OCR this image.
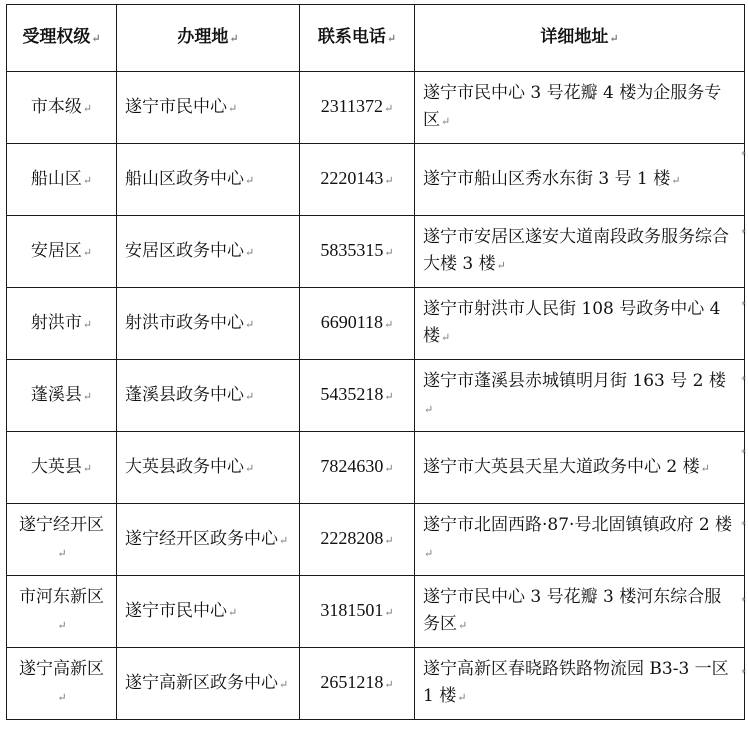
受理权级↵	办理地↵	联系电话↵	详细地址↵
市本级↵	遂宁市民中心↵	2311372↵	遂宁市民中心 3 号花瓣 4 楼为企服务专区↵
船山区↵	船山区政务中心↵	2220143↵	遂宁市船山区秀水东街 3 号 1 楼↵
安居区↵	安居区政务中心↵	5835315↵	遂宁市安居区遂安大道南段政务服务综合大楼 3 楼↵
射洪市↵	射洪市政务中心↵	6690118↵	遂宁市射洪市人民街 108 号政务中心 4 楼↵
蓬溪县↵	蓬溪县政务中心↵	5435218↵	遂宁市蓬溪县赤城镇明月街 163 号 2 楼↵
大英县↵	大英县政务中心↵	7824630↵	遂宁市大英县天星大道政务中心 2 楼↵
遂宁经开区↵	遂宁经开区政务中心↵	2228208↵	遂宁市北固西路·87·号北固镇镇政府 2 楼↵
市河东新区↵	遂宁市民中心↵	3181501↵	遂宁市民中心 3 号花瓣 3 楼河东综合服务区↵
遂宁高新区↵	遂宁高新区政务中心↵	2651218↵	遂宁高新区春晓路铁路物流园 B3-3 一区 1 楼↵
*
*
*
*
*
*
*
*
